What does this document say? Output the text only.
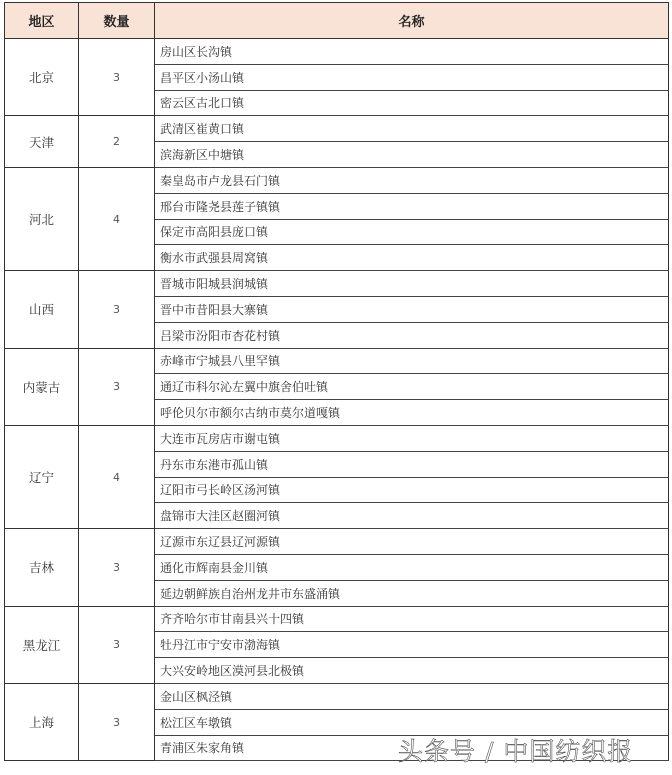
地区	数量	名称
北京	3	房山区长沟镇
		昌平区小汤山镇
		密云区古北口镇
天津	2	武清区崔黄口镇
		滨海新区中塘镇
河北	4	秦皇岛市卢龙县石门镇
		邢台市隆尧县莲子镇镇
		保定市高阳县庞口镇
		衡水市武强县周窝镇
山西	3	晋城市阳城县润城镇
		晋中市昔阳县大寨镇
		吕梁市汾阳市杏花村镇
内蒙古	3	赤峰市宁城县八里罕镇
		通辽市科尔沁左翼中旗舍伯吐镇
		呼伦贝尔市额尔古纳市莫尔道嘎镇
辽宁	4	大连市瓦房店市谢屯镇
		丹东市东港市孤山镇
		辽阳市弓长岭区汤河镇
		盘锦市大洼区赵圈河镇
吉林	3	辽源市东辽县辽河源镇
		通化市辉南县金川镇
		延边朝鲜族自治州龙井市东盛涌镇
黑龙江	3	齐齐哈尔市甘南县兴十四镇
		牡丹江市宁安市渤海镇
		大兴安岭地区漠河县北极镇
上海	3	金山区枫泾镇
		松江区车墩镇
		青浦区朱家角镇	头条号 / 中国纺织报
